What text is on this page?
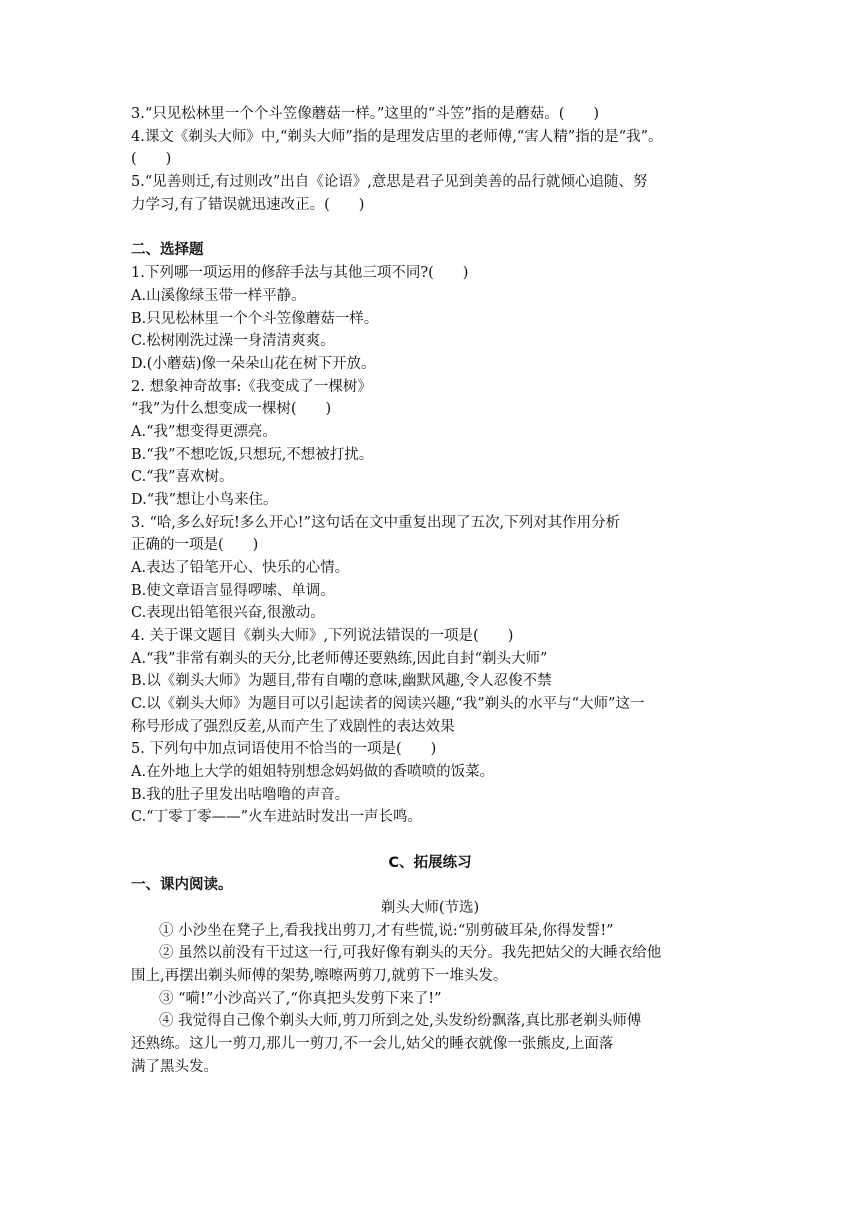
3.“只见松林里一个个斗笠像蘑菇一样。”这里的“斗笠”指的是蘑菇。(　　)
4.课文《剃头大师》中,“剃头大师”指的是理发店里的老师傅,“害人精”指的是“我”。
(　　)
5.“见善则迁,有过则改”出自《论语》,意思是君子见到美善的品行就倾心追随、努
力学习,有了错误就迅速改正。(　　)
二、选择题
1.下列哪一项运用的修辞手法与其他三项不同?(　　)
A.山溪像绿玉带一样平静。
B.只见松林里一个个斗笠像蘑菇一样。
C.松树刚洗过澡一身清清爽爽。
D.(小蘑菇)像一朵朵山花在树下开放。
2. 想象神奇故事:《我变成了一棵树》
“我”为什么想变成一棵树(　　)
A.“我”想变得更漂亮。
B.“我”不想吃饭,只想玩,不想被打扰。
C.“我”喜欢树。
D.“我”想让小鸟来住。
3. “哈,多么好玩!多么开心!”这句话在文中重复出现了五次,下列对其作用分析
正确的一项是(　　)
A.表达了铅笔开心、快乐的心情。
B.使文章语言显得啰嗦、单调。
C.表现出铅笔很兴奋,很激动。
4. 关于课文题目《剃头大师》,下列说法错误的一项是(　　)
A.“我”非常有剃头的天分,比老师傅还要熟练,因此自封“剃头大师”
B.以《剃头大师》为题目,带有自嘲的意味,幽默风趣,令人忍俊不禁
C.以《剃头大师》为题目可以引起读者的阅读兴趣,“我”剃头的水平与“大师”这一
称号形成了强烈反差,从而产生了戏剧性的表达效果
5. 下列句中加点词语使用不恰当的一项是(　　)
A.在外地上大学的姐姐特别想念妈妈做的香喷喷的饭菜。
B.我的肚子里发出咕噜噜的声音。
C.“丁零丁零——”火车进站时发出一声长鸣。
C、拓展练习
一、课内阅读。
剃头大师(节选)
① 小沙坐在凳子上,看我找出剪刀,才有些慌,说:“别剪破耳朵,你得发誓!”
② 虽然以前没有干过这一行,可我好像有剃头的天分。我先把姑父的大睡衣给他
围上,再摆出剃头师傅的架势,嚓嚓两剪刀,就剪下一堆头发。
③ “嗬!”小沙高兴了,“你真把头发剪下来了!”
④ 我觉得自己像个剃头大师,剪刀所到之处,头发纷纷飘落,真比那老剃头师傅
还熟练。这儿一剪刀,那儿一剪刀,不一会儿,姑父的睡衣就像一张熊皮,上面落
满了黑头发。
